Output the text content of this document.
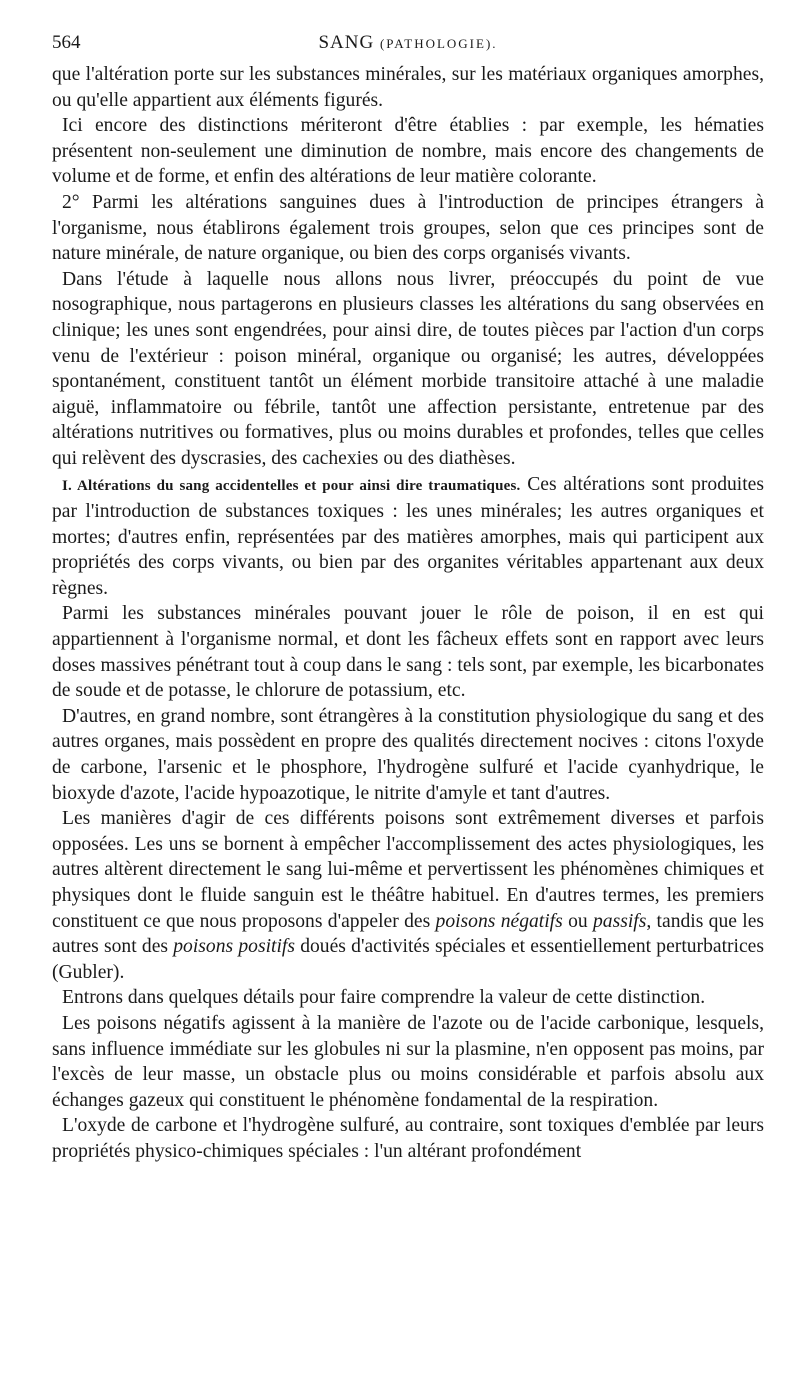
564	SANG (PATHOLOGIE).

que l'altération porte sur les substances minérales, sur les matériaux organiques amorphes, ou qu'elle appartient aux éléments figurés.

Ici encore des distinctions mériteront d'être établies : par exemple, les hématies présentent non-seulement une diminution de nombre, mais encore des changements de volume et de forme, et enfin des altérations de leur matière colorante.

2° Parmi les altérations sanguines dues à l'introduction de principes étrangers à l'organisme, nous établirons également trois groupes, selon que ces principes sont de nature minérale, de nature organique, ou bien des corps organisés vivants.

Dans l'étude à laquelle nous allons nous livrer, préoccupés du point de vue nosographique, nous partagerons en plusieurs classes les altérations du sang observées en clinique; les unes sont engendrées, pour ainsi dire, de toutes pièces par l'action d'un corps venu de l'extérieur : poison minéral, organique ou organisé; les autres, développées spontanément, constituent tantôt un élément morbide transitoire attaché à une maladie aiguë, inflammatoire ou fébrile, tantôt une affection persistante, entretenue par des altérations nutritives ou formatives, plus ou moins durables et profondes, telles que celles qui relèvent des dyscrasies, des cachexies ou des diathèses.

I. Altérations du sang accidentelles et pour ainsi dire traumatiques. Ces altérations sont produites par l'introduction de substances toxiques : les unes minérales; les autres organiques et mortes; d'autres enfin, représentées par des matières amorphes, mais qui participent aux propriétés des corps vivants, ou bien par des organites véritables appartenant aux deux règnes.

Parmi les substances minérales pouvant jouer le rôle de poison, il en est qui appartiennent à l'organisme normal, et dont les fâcheux effets sont en rapport avec leurs doses massives pénétrant tout à coup dans le sang : tels sont, par exemple, les bicarbonates de soude et de potasse, le chlorure de potassium, etc.

D'autres, en grand nombre, sont étrangères à la constitution physiologique du sang et des autres organes, mais possèdent en propre des qualités directement nocives : citons l'oxyde de carbone, l'arsenic et le phosphore, l'hydrogène sulfuré et l'acide cyanhydrique, le bioxyde d'azote, l'acide hypoazotique, le nitrite d'amyle et tant d'autres.

Les manières d'agir de ces différents poisons sont extrêmement diverses et parfois opposées. Les uns se bornent à empêcher l'accomplissement des actes physiologiques, les autres altèrent directement le sang lui-même et pervertissent les phénomènes chimiques et physiques dont le fluide sanguin est le théâtre habituel. En d'autres termes, les premiers constituent ce que nous proposons d'appeler des poisons négatifs ou passifs, tandis que les autres sont des poisons positifs doués d'activités spéciales et essentiellement perturbatrices (Gubler).

Entrons dans quelques détails pour faire comprendre la valeur de cette distinction.

Les poisons négatifs agissent à la manière de l'azote ou de l'acide carbonique, lesquels, sans influence immédiate sur les globules ni sur la plasmine, n'en opposent pas moins, par l'excès de leur masse, un obstacle plus ou moins considérable et parfois absolu aux échanges gazeux qui constituent le phénomène fondamental de la respiration.

L'oxyde de carbone et l'hydrogène sulfuré, au contraire, sont toxiques d'emblée par leurs propriétés physico-chimiques spéciales : l'un altérant profondément
